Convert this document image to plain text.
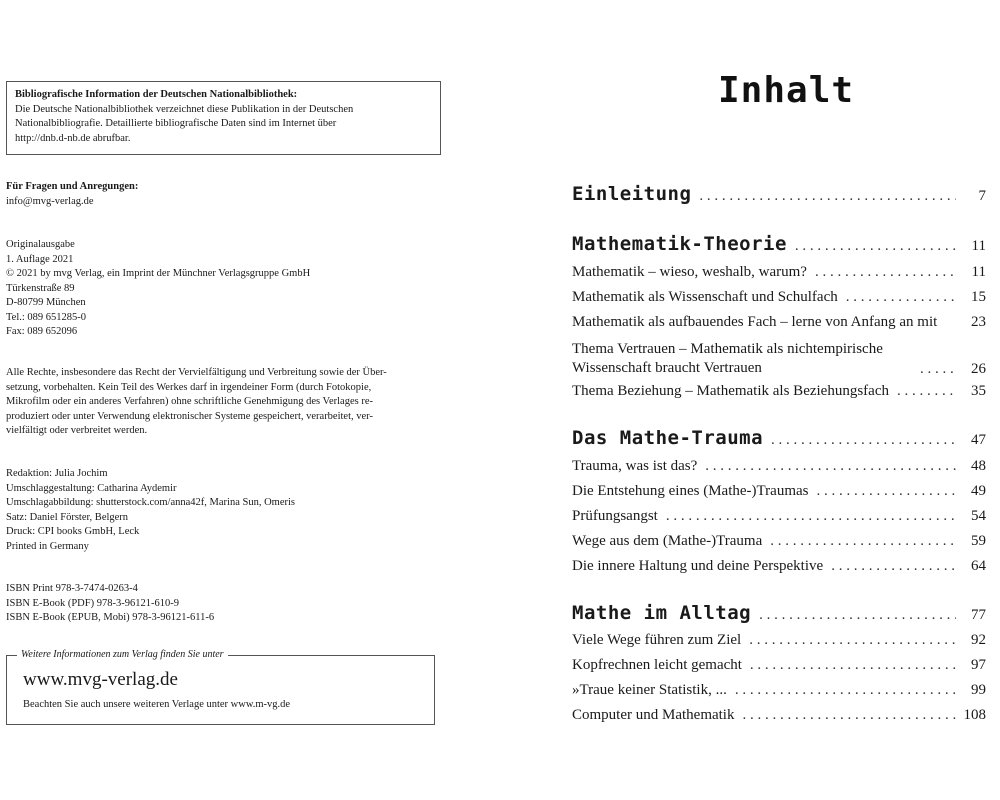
Bibliografische Information der Deutschen Nationalbibliothek:
Die Deutsche Nationalbibliothek verzeichnet diese Publikation in der Deutschen
Nationalbibliografie. Detaillierte bibliografische Daten sind im Internet über
http://dnb.d-nb.de abrufbar.
Für Fragen und Anregungen:
info@mvg-verlag.de
Originalausgabe
1. Auflage 2021
© 2021 by mvg Verlag, ein Imprint der Münchner Verlagsgruppe GmbH
Türkenstraße 89
D-80799 München
Tel.: 089 651285-0
Fax: 089 652096
Alle Rechte, insbesondere das Recht der Vervielfältigung und Verbreitung sowie der Über-
setzung, vorbehalten. Kein Teil des Werkes darf in irgendeiner Form (durch Fotokopie,
Mikrofilm oder ein anderes Verfahren) ohne schriftliche Genehmigung des Verlages re-
produziert oder unter Verwendung elektronischer Systeme gespeichert, verarbeitet, ver-
vielfältigt oder verbreitet werden.
Redaktion: Julia Jochim
Umschlaggestaltung: Catharina Aydemir
Umschlagabbildung: shutterstock.com/anna42f, Marina Sun, Omeris
Satz: Daniel Förster, Belgern
Druck: CPI books GmbH, Leck
Printed in Germany
ISBN Print 978-3-7474-0263-4
ISBN E-Book (PDF) 978-3-96121-610-9
ISBN E-Book (EPUB, Mobi) 978-3-96121-611-6
Weitere Informationen zum Verlag finden Sie unter
www.mvg-verlag.de
Beachten Sie auch unsere weiteren Verlage unter www.m-vg.de
Inhalt
Einleitung . . .	7
Mathematik-Theorie . . .	11
Mathematik – wieso, weshalb, warum? . . .	11
Mathematik als Wissenschaft und Schulfach . . .	15
Mathematik als aufbauendes Fach – lerne von Anfang an mit	23
Thema Vertrauen – Mathematik als nichtempirische Wissenschaft braucht Vertrauen . . .	26
Thema Beziehung – Mathematik als Beziehungsfach . . .	35
Das Mathe-Trauma . . .	47
Trauma, was ist das? . . .	48
Die Entstehung eines (Mathe-)Traumas . . .	49
Prüfungsangst . . .	54
Wege aus dem (Mathe-)Trauma . . .	59
Die innere Haltung und deine Perspektive . . .	64
Mathe im Alltag . . .	77
Viele Wege führen zum Ziel . . .	92
Kopfrechnen leicht gemacht . . .	97
»Traue keiner Statistik, ... . . .	99
Computer und Mathematik . . .	108
